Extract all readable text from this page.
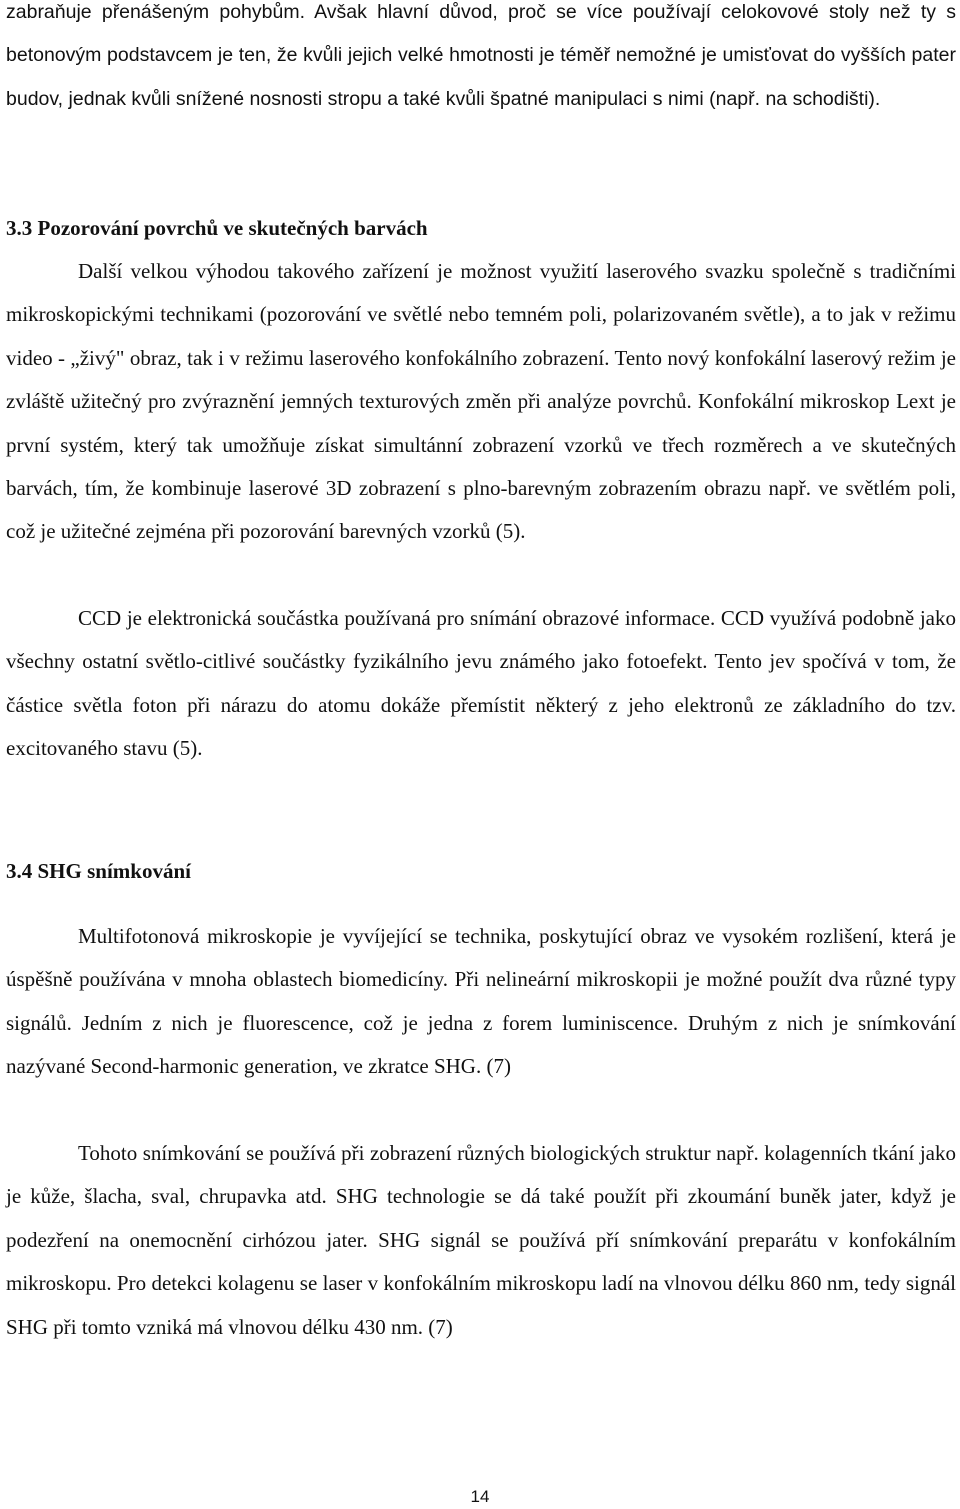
zabraňuje přenášeným pohybům. Avšak hlavní důvod, proč se více používají celokovové stoly než ty s betonovým podstavcem je ten, že kvůli jejich velké hmotnosti je téměř nemožné je umisťovat do vyšších pater budov, jednak kvůli snížené nosnosti stropu a také kvůli špatné manipulaci s nimi (např. na schodišti).

3.3 Pozorování povrchů ve skutečných barvách

Další velkou výhodou takového zařízení je možnost využití laserového svazku společně s tradičními mikroskopickými technikami (pozorování ve světlé nebo temném poli, polarizovaném světle), a to jak v režimu video - „živý" obraz, tak i v režimu laserového konfokálního zobrazení. Tento nový konfokální laserový režim je zvláště užitečný pro zvýraznění jemných texturových změn při analýze povrchů. Konfokální mikroskop Lext je první systém, který tak umožňuje získat simultánní zobrazení vzorků ve třech rozměrech a ve skutečných barvách, tím, že kombinuje laserové 3D zobrazení s plno-barevným zobrazením obrazu např. ve světlém poli, což je užitečné zejména při pozorování barevných vzorků (5).

CCD je elektronická součástka používaná pro snímání obrazové informace. CCD využívá podobně jako všechny ostatní světlo-citlivé součástky fyzikálního jevu známého jako fotoefekt. Tento jev spočívá v tom, že částice světla foton při nárazu do atomu dokáže přemístit některý z jeho elektronů ze základního do tzv. excitovaného stavu (5).

3.4 SHG snímkování

Multifotonová mikroskopie je vyvíjející se technika, poskytující obraz ve vysokém rozlišení, která je úspěšně používána v mnoha oblastech biomedicíny. Při nelineární mikroskopii je možné použít dva různé typy signálů. Jedním z nich je fluorescence, což je jedna z forem luminiscence. Druhým z nich je snímkování nazývané Second-harmonic generation, ve zkratce SHG. (7)

Tohoto snímkování se používá při zobrazení různých biologických struktur např. kolagenních tkání jako je kůže, šlacha, sval, chrupavka atd. SHG technologie se dá také použít při zkoumání buněk jater, když je podezření na onemocnění cirhózou jater. SHG signál se používá pří snímkování preparátu v konfokálním mikroskopu. Pro detekci kolagenu se laser v konfokálním mikroskopu ladí na vlnovou délku 860 nm, tedy signál SHG při tomto vzniká má vlnovou délku 430 nm. (7)

14
